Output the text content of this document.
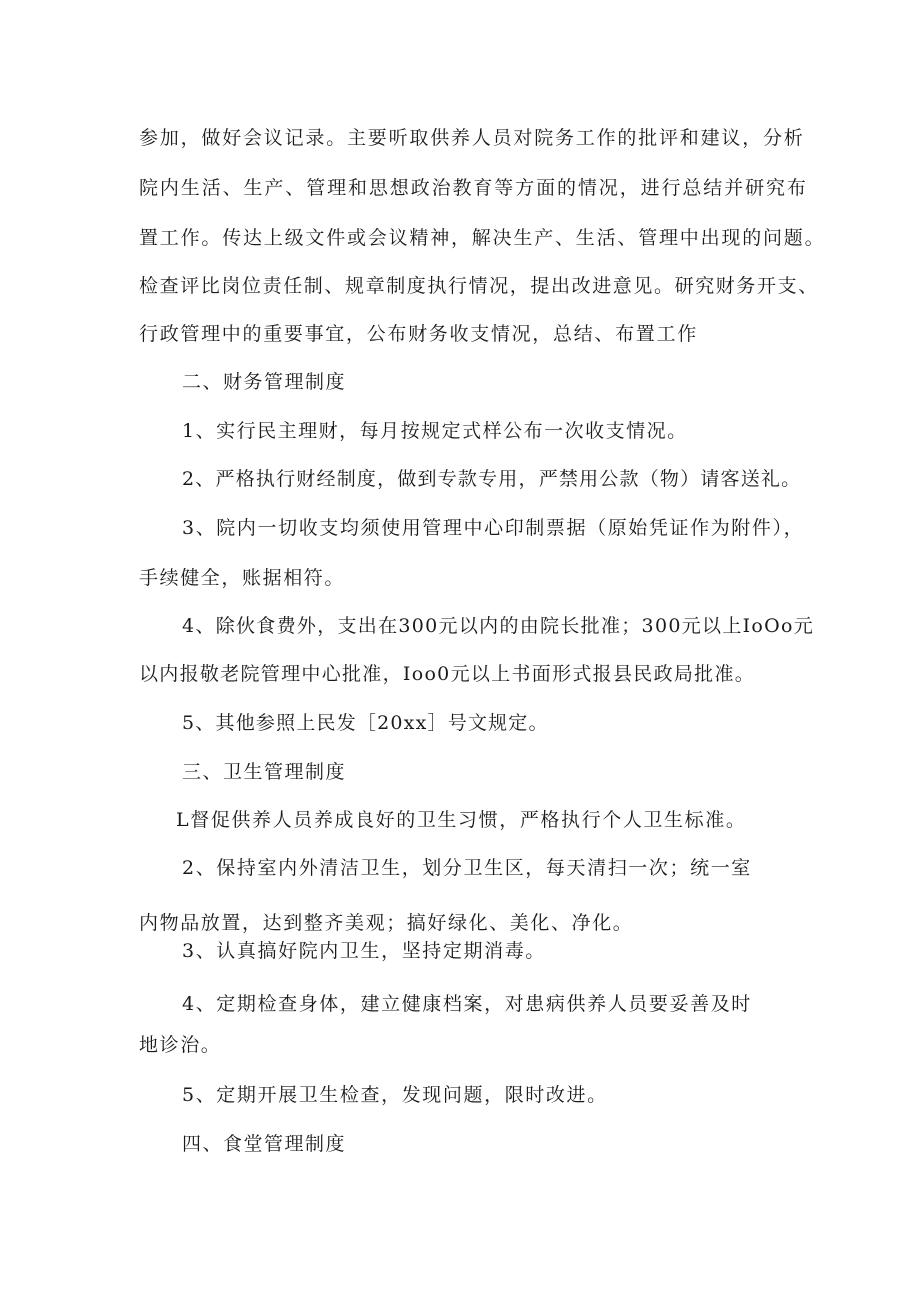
参加，做好会议记录。主要听取供养人员对院务工作的批评和建议，分析
院内生活、生产、管理和思想政治教育等方面的情况，进行总结并研究布
置工作。传达上级文件或会议精神，解决生产、生活、管理中出现的问题。
检查评比岗位责任制、规章制度执行情况，提出改进意见。研究财务开支、
行政管理中的重要事宜，公布财务收支情况，总结、布置工作
二、财务管理制度
1、实行民主理财，每月按规定式样公布一次收支情况。
2、严格执行财经制度，做到专款专用，严禁用公款（物）请客送礼。
3、院内一切收支均须使用管理中心印制票据（原始凭证作为附件），
手续健全，账据相符。
4、除伙食费外，支出在300元以内的由院长批准；300元以上IoOo元
以内报敬老院管理中心批准，Ioo0元以上书面形式报县民政局批准。
5、其他参照上民发［20xx］号文规定。
三、卫生管理制度
L督促供养人员养成良好的卫生习惯，严格执行个人卫生标准。
2、保持室内外清洁卫生，划分卫生区，每天清扫一次；统一室
内物品放置，达到整齐美观；搞好绿化、美化、净化。
3、认真搞好院内卫生，坚持定期消毒。
4、定期检查身体，建立健康档案，对患病供养人员要妥善及时
地诊治。
5、定期开展卫生检查，发现问题，限时改进。
四、食堂管理制度
